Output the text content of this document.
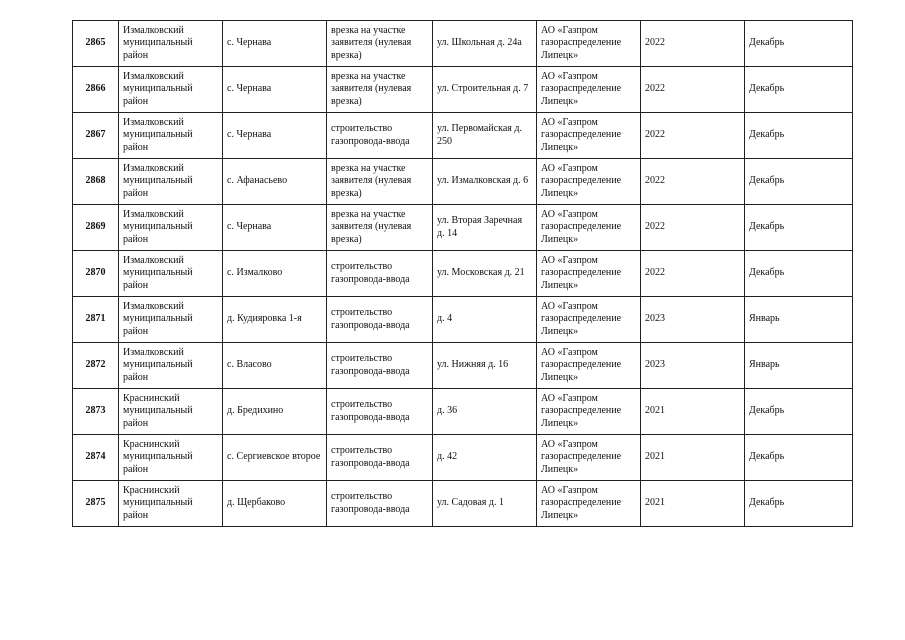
2865	Измалковский муниципальный район	с. Чернава	врезка на участке заявителя (нулевая врезка)	ул. Школьная д. 24а	АО «Газпром газораспределение Липецк»	2022	Декабрь
2866	Измалковский муниципальный район	с. Чернава	врезка на участке заявителя (нулевая врезка)	ул. Строительная д. 7	АО «Газпром газораспределение Липецк»	2022	Декабрь
2867	Измалковский муниципальный район	с. Чернава	строительство газопровода-ввода	ул. Первомайская д. 250	АО «Газпром газораспределение Липецк»	2022	Декабрь
2868	Измалковский муниципальный район	с. Афанасьево	врезка на участке заявителя (нулевая врезка)	ул. Измалковская д. 6	АО «Газпром газораспределение Липецк»	2022	Декабрь
2869	Измалковский муниципальный район	с. Чернава	врезка на участке заявителя (нулевая врезка)	ул. Вторая Заречная д. 14	АО «Газпром газораспределение Липецк»	2022	Декабрь
2870	Измалковский муниципальный район	с. Измалково	строительство газопровода-ввода	ул. Московская д. 21	АО «Газпром газораспределение Липецк»	2022	Декабрь
2871	Измалковский муниципальный район	д. Кудияровка 1-я	строительство газопровода-ввода	д. 4	АО «Газпром газораспределение Липецк»	2023	Январь
2872	Измалковский муниципальный район	с. Власово	строительство газопровода-ввода	ул. Нижняя д. 16	АО «Газпром газораспределение Липецк»	2023	Январь
2873	Краснинский муниципальный район	д. Бредихино	строительство газопровода-ввода	д. 36	АО «Газпром газораспределение Липецк»	2021	Декабрь
2874	Краснинский муниципальный район	с. Сергиевское второе	строительство газопровода-ввода	д. 42	АО «Газпром газораспределение Липецк»	2021	Декабрь
2875	Краснинский муниципальный район	д. Щербаково	строительство газопровода-ввода	ул. Садовая д. 1	АО «Газпром газораспределение Липецк»	2021	Декабрь
